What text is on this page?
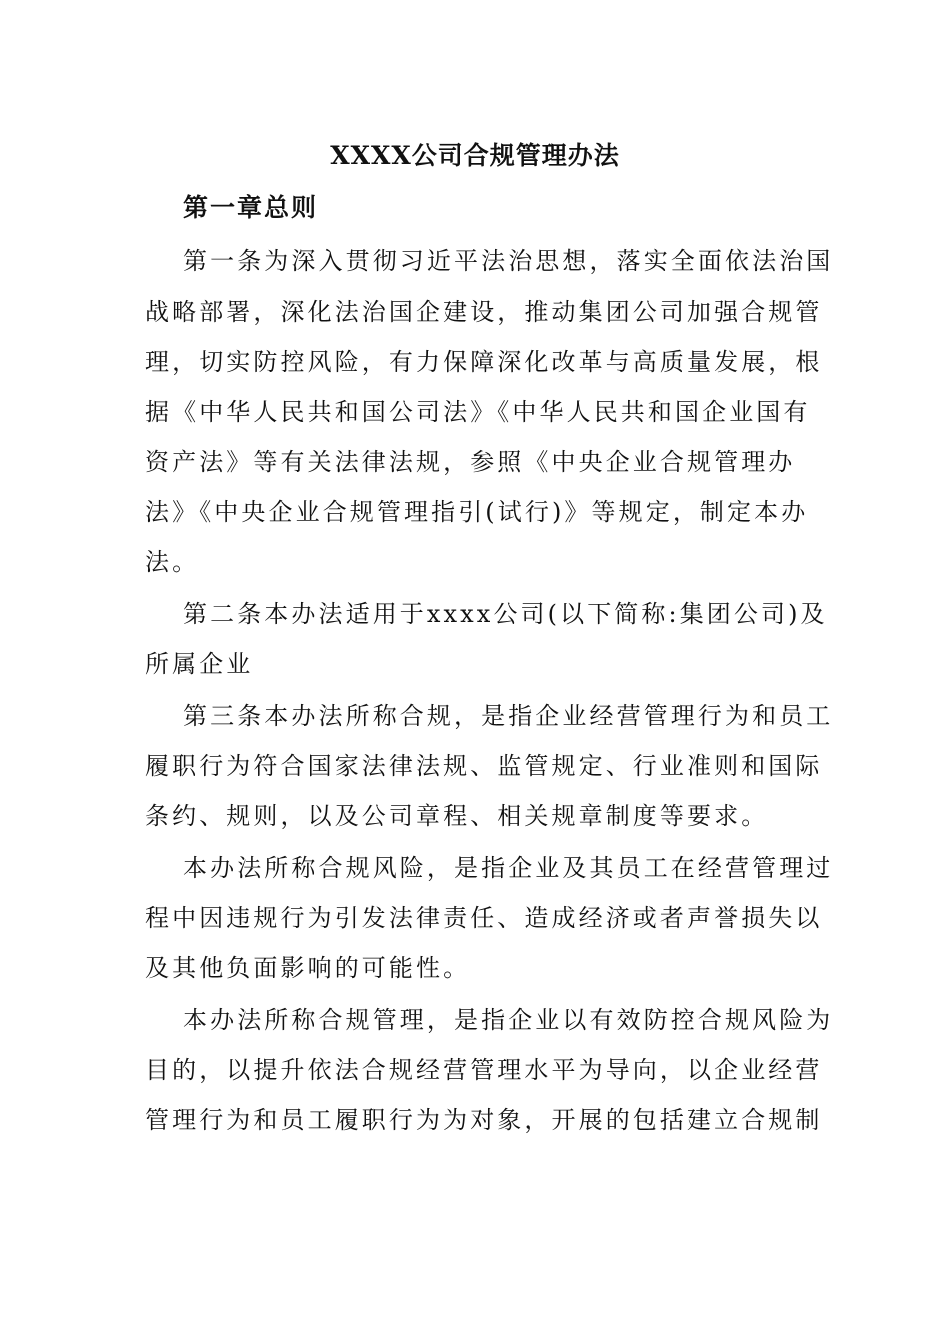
XXXX公司合规管理办法
第一章总则
第一条为深入贯彻习近平法治思想，落实全面依法治国
战略部署，深化法治国企建设，推动集团公司加强合规管
理，切实防控风险，有力保障深化改革与高质量发展，根
据《中华人民共和国公司法》《中华人民共和国企业国有
资产法》等有关法律法规，参照《中央企业合规管理办
法》《中央企业合规管理指引(试行)》等规定，制定本办
法。
第二条本办法适用于xxxx公司(以下简称:集团公司)及
所属企业
第三条本办法所称合规，是指企业经营管理行为和员工
履职行为符合国家法律法规、监管规定、行业准则和国际
条约、规则，以及公司章程、相关规章制度等要求。
本办法所称合规风险，是指企业及其员工在经营管理过
程中因违规行为引发法律责任、造成经济或者声誉损失以
及其他负面影响的可能性。
本办法所称合规管理，是指企业以有效防控合规风险为
目的，以提升依法合规经营管理水平为导向，以企业经营
管理行为和员工履职行为为对象，开展的包括建立合规制
